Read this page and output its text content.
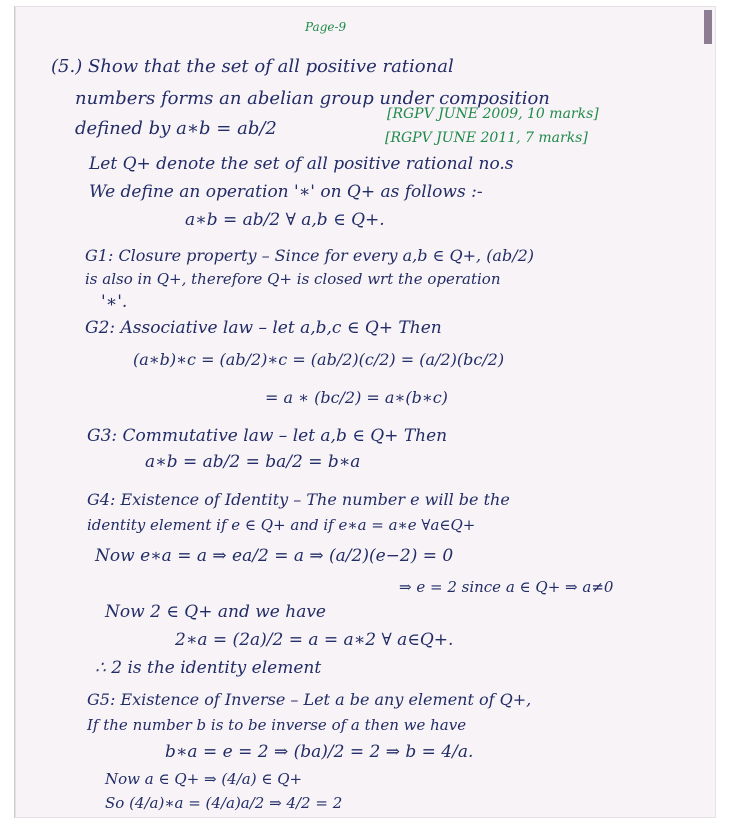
Page-9
(5.) Show that the set of all positive rational
numbers forms an abelian group under composition
defined by a∗b = ab/2
[RGPV JUNE 2009, 10 marks]
[RGPV JUNE 2011, 7 marks]
Let Q+ denote the set of all positive rational no.s
We define an operation '∗' on Q+ as follows :-
a∗b = ab/2 ∀ a,b ∈ Q+.
G1: Closure property – Since for every a,b ∈ Q+, (ab/2)
is also in Q+, therefore Q+ is closed wrt the operation
'∗'.
G2: Associative law – let a,b,c ∈ Q+ Then
(a∗b)∗c = (ab/2)∗c = (ab/2)(c/2) = (a/2)(bc/2)
= a ∗ (bc/2) = a∗(b∗c)
G3: Commutative law – let a,b ∈ Q+ Then
a∗b = ab/2 = ba/2 = b∗a
G4: Existence of Identity – The number e will be the
identity element if e ∈ Q+ and if e∗a = a∗e ∀a∈Q+
Now e∗a = a ⇒ ea/2 = a ⇒ (a/2)(e−2) = 0
⇒ e = 2 since a ∈ Q+ ⇒ a≠0
Now 2 ∈ Q+ and we have
2∗a = (2a)/2 = a = a∗2 ∀ a∈Q+.
∴ 2 is the identity element
G5: Existence of Inverse – Let a be any element of Q+,
If the number b is to be inverse of a then we have
b∗a = e = 2 ⇒ (ba)/2 = 2 ⇒ b = 4/a.
Now a ∈ Q+ ⇒ (4/a) ∈ Q+
So (4/a)∗a = (4/a)a/2 ⇒ 4/2 = 2
